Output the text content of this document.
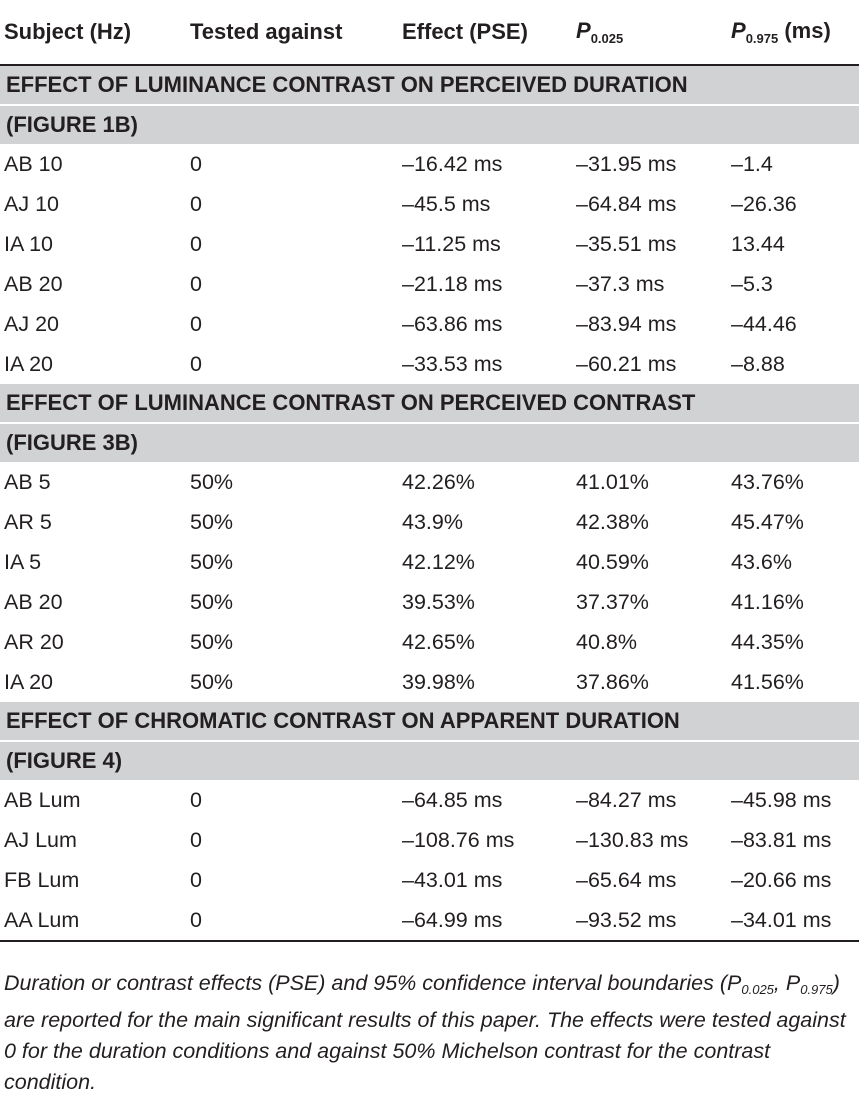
Subject (Hz)	Tested against	Effect (PSE)	$P_{0.025}$	$P_{0.975}$ (ms)
EFFECT OF LUMINANCE CONTRAST ON PERCEIVED DURATION				
(FIGURE 1B)				
AB 10	0	–16.42 ms	–31.95 ms	–1.4
AJ 10	0	–45.5 ms	–64.84 ms	–26.36
IA 10	0	–11.25 ms	–35.51 ms	13.44
AB 20	0	–21.18 ms	–37.3 ms	–5.3
AJ 20	0	–63.86 ms	–83.94 ms	–44.46
IA 20	0	–33.53 ms	–60.21 ms	–8.88
EFFECT OF LUMINANCE CONTRAST ON PERCEIVED CONTRAST				
(FIGURE 3B)				
AB 5	50%	42.26%	41.01%	43.76%
AR 5	50%	43.9%	42.38%	45.47%
IA 5	50%	42.12%	40.59%	43.6%
AB 20	50%	39.53%	37.37%	41.16%
AR 20	50%	42.65%	40.8%	44.35%
IA 20	50%	39.98%	37.86%	41.56%
EFFECT OF CHROMATIC CONTRAST ON APPARENT DURATION				
(FIGURE 4)				
AB Lum	0	–64.85 ms	–84.27 ms	–45.98 ms
AJ Lum	0	–108.76 ms	–130.83 ms	–83.81 ms
FB Lum	0	–43.01 ms	–65.64 ms	–20.66 ms
AA Lum	0	–64.99 ms	–93.52 ms	–34.01 ms
Duration or contrast effects (PSE) and 95% confidence interval boundaries ($P_{0.025}$, $P_{0.975}$) are reported for the main significant results of this paper. The effects were tested against 0 for the duration conditions and against 50% Michelson contrast for the contrast condition.
